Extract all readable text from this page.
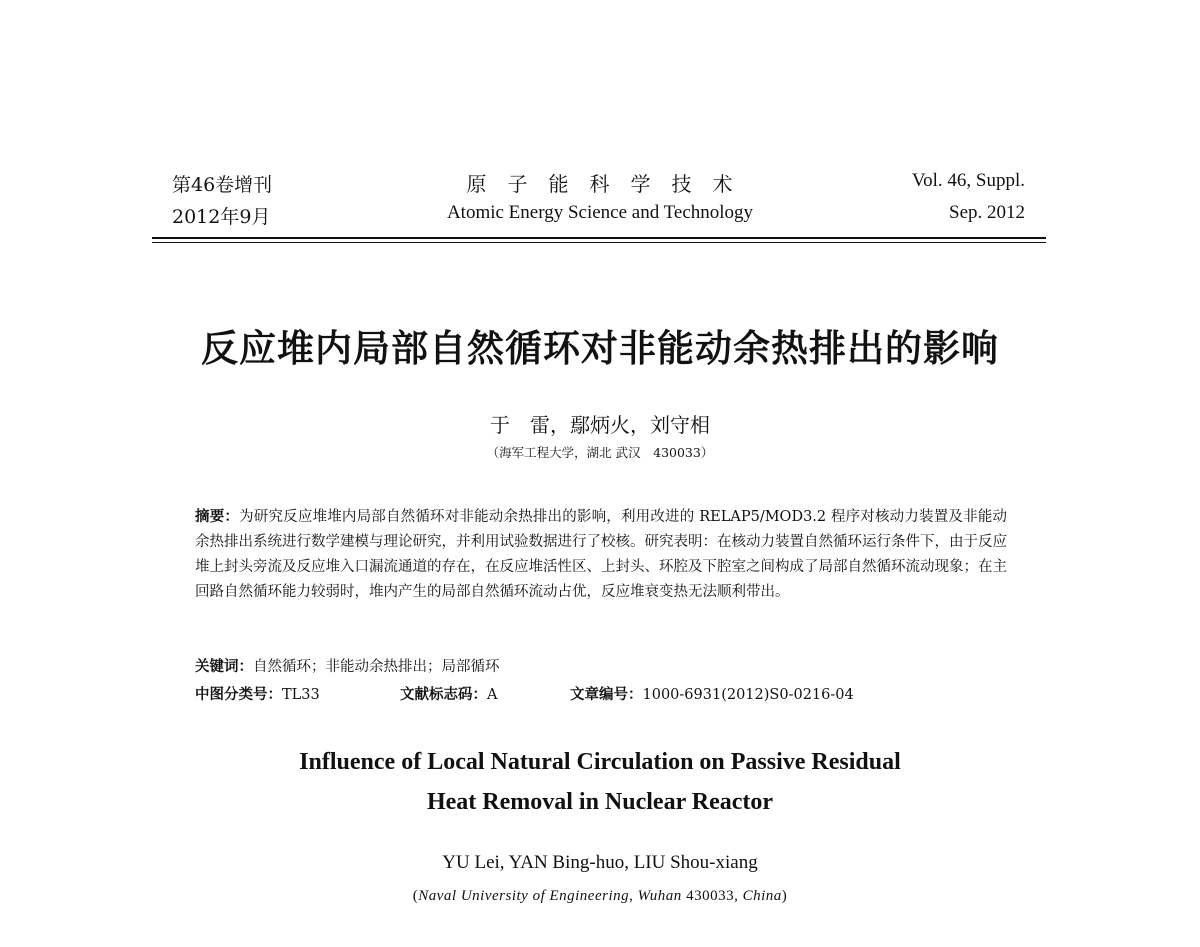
第46卷增刊
2012年9月
原子能科学技术
Atomic Energy Science and Technology
Vol. 46, Suppl.
Sep. 2012
反应堆内局部自然循环对非能动余热排出的影响
于　雷，鄢炳火，刘守相
（海军工程大学，湖北 武汉　430033）
摘要：为研究反应堆堆内局部自然循环对非能动余热排出的影响，利用改进的 RELAP5/MOD3.2 程序对核动力装置及非能动余热排出系统进行数学建模与理论研究，并利用试验数据进行了校核。研究表明：在核动力装置自然循环运行条件下，由于反应堆上封头旁流及反应堆入口漏流通道的存在，在反应堆活性区、上封头、环腔及下腔室之间构成了局部自然循环流动现象；在主回路自然循环能力较弱时，堆内产生的局部自然循环流动占优，反应堆衰变热无法顺利带出。
关键词：自然循环；非能动余热排出；局部循环
中图分类号：TL33	文献标志码：A	文章编号：1000-6931(2012)S0-0216-04
Influence of Local Natural Circulation on Passive Residual
Heat Removal in Nuclear Reactor
YU Lei, YAN Bing-huo, LIU Shou-xiang
(Naval University of Engineering, Wuhan 430033, China)
